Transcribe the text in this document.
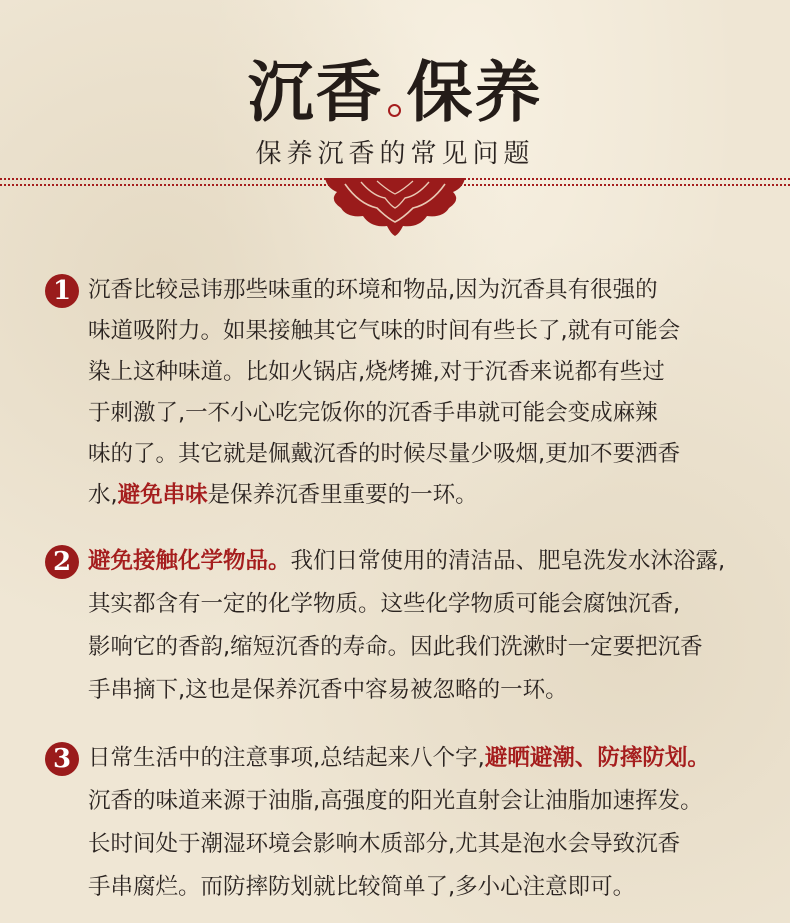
沉香 保养
保养沉香的常见问题
1 沉香比较忌讳那些味重的环境和物品,因为沉香具有很强的
味道吸附力。如果接触其它气味的时间有些长了,就有可能会
染上这种味道。比如火锅店,烧烤摊,对于沉香来说都有些过
于刺激了,一不小心吃完饭你的沉香手串就可能会变成麻辣
味的了。其它就是佩戴沉香的时候尽量少吸烟,更加不要洒香
水,避免串味是保养沉香里重要的一环。
2 避免接触化学物品。我们日常使用的清洁品、肥皂洗发水沐浴露,
其实都含有一定的化学物质。这些化学物质可能会腐蚀沉香,
影响它的香韵,缩短沉香的寿命。因此我们洗漱时一定要把沉香
手串摘下,这也是保养沉香中容易被忽略的一环。
3 日常生活中的注意事项,总结起来八个字,避晒避潮、防摔防划。
沉香的味道来源于油脂,高强度的阳光直射会让油脂加速挥发。
长时间处于潮湿环境会影响木质部分,尤其是泡水会导致沉香
手串腐烂。而防摔防划就比较简单了,多小心注意即可。
